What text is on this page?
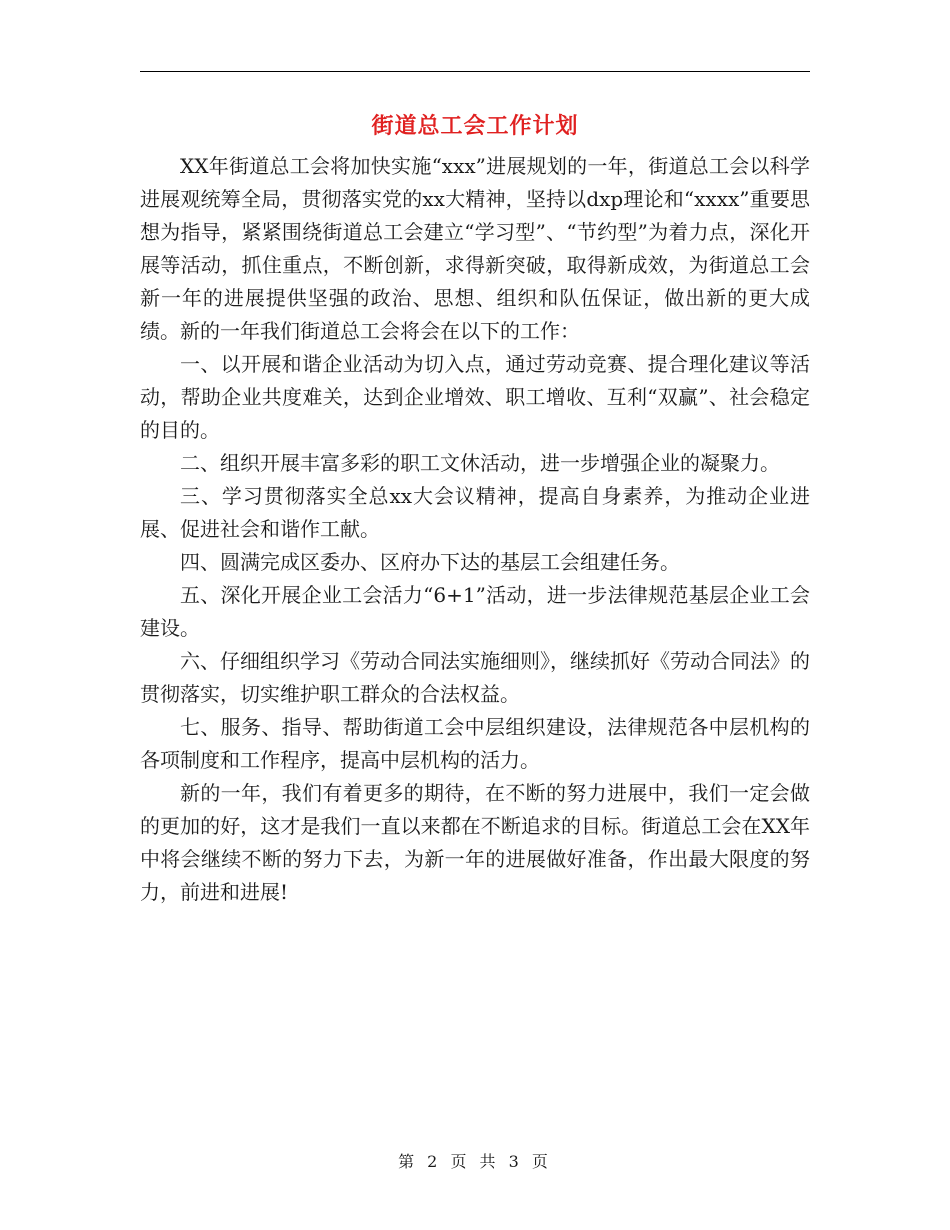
街道总工会工作计划

XX年街道总工会将加快实施“xxx”进展规划的一年，街道总工会以科学进展观统筹全局，贯彻落实党的xx大精神，坚持以dxp理论和“xxxx”重要思想为指导，紧紧围绕街道总工会建立“学习型”、“节约型”为着力点，深化开展等活动，抓住重点，不断创新，求得新突破，取得新成效，为街道总工会新一年的进展提供坚强的政治、思想、组织和队伍保证，做出新的更大成绩。新的一年我们街道总工会将会在以下的工作：

一、以开展和谐企业活动为切入点，通过劳动竞赛、提合理化建议等活动，帮助企业共度难关，达到企业增效、职工增收、互利“双赢”、社会稳定的目的。

二、组织开展丰富多彩的职工文休活动，进一步增强企业的凝聚力。

三、学习贯彻落实全总xx大会议精神，提高自身素养，为推动企业进展、促进社会和谐作工献。

四、圆满完成区委办、区府办下达的基层工会组建任务。

五、深化开展企业工会活力“6+1”活动，进一步法律规范基层企业工会建设。

六、仔细组织学习《劳动合同法实施细则》，继续抓好《劳动合同法》的贯彻落实，切实维护职工群众的合法权益。

七、服务、指导、帮助街道工会中层组织建设，法律规范各中层机构的各项制度和工作程序，提高中层机构的活力。

新的一年，我们有着更多的期待，在不断的努力进展中，我们一定会做的更加的好，这才是我们一直以来都在不断追求的目标。街道总工会在XX年中将会继续不断的努力下去，为新一年的进展做好准备，作出最大限度的努力，前进和进展!

第 2 页 共 3 页
